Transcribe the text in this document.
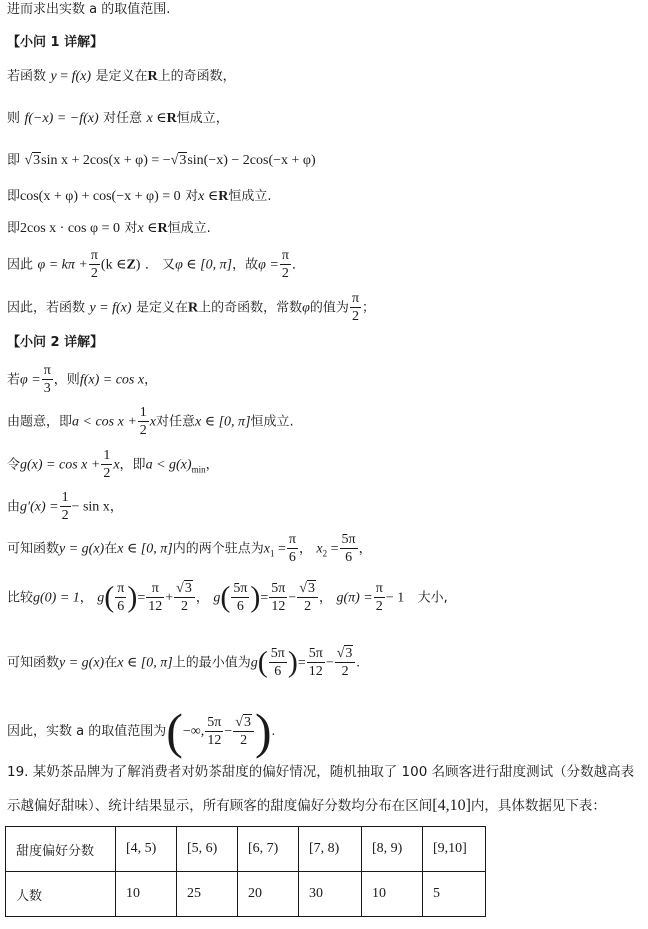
进而求出实数 a 的取值范围.
【小问 1 详解】
若函数 y = f(x) 是定义在R上的奇函数，
则 f(−x) = −f(x) 对任意 x ∈R恒成立，
即 √3sin x + 2cos(x + φ) = −√3sin(−x) − 2cos(−x + φ)
即cos(x + φ) + cos(−x + φ) = 0 对x ∈R恒成立.
即2cos x · cos φ = 0 对x ∈R恒成立.
因此 $\varphi = k\pi + \frac{\pi}{2} (k$ ∈Z) ． 又φ ∈ [0, π]，故$\varphi = \frac{\pi}{2}$ ．
因此，若函数 y = f(x) 是定义在R上的奇函数，常数φ的值为 $\frac{\pi}{2}$ ；
【小问 2 详解】
若$\varphi = \frac{\pi}{3}$ ，则f(x) = cos x，
由题意，即$a < \cos x + \frac{1}{2}$ x对任意x ∈ [0, π]恒成立.
令$g(x) = \cos x + \frac{1}{2}$ x，即$a < g(x)_{min}$，
由$g'(x) = \frac{1}{2} - \sin x$，
可知函数y = g(x)在x ∈ [0, π]内的两个驻点为$x_1 = \frac{\pi}{6}$ ， $x_2 = \frac{5\pi}{6}$ ，
比较g(0) = 1， $g( \frac{\pi}{6}$ )= $\frac{\pi}{12} + \frac{√3}{2}$ ， $g( \frac{5\pi}{6}$ )= $\frac{5\pi}{12} - \frac{√3}{2}$ ， $g(\pi) = \frac{\pi}{2} - 1$ 大小,
可知函数y = g(x)在x ∈ [0, π]上的最小值为$g( \frac{5\pi}{6}$ )= $\frac{5\pi}{12} - \frac{√3}{2}$ .
因此，实数 a 的取值范围为(−∞, $\frac{5\pi}{12} - \frac{√3}{2}$ ).
19. 某奶茶品牌为了解消费者对奶茶甜度的偏好情况，随机抽取了 100 名顾客进行甜度测试（分数越高表
示越偏好甜味）、统计结果显示，所有顾客的甜度偏好分数均分布在区间[4,10]内，具体数据见下表：
甜度偏好分数	[4, 5)	[5, 6)	[6, 7)	[7, 8)	[8, 9)	[9,10]
人数	10	25	20	30	10	5
